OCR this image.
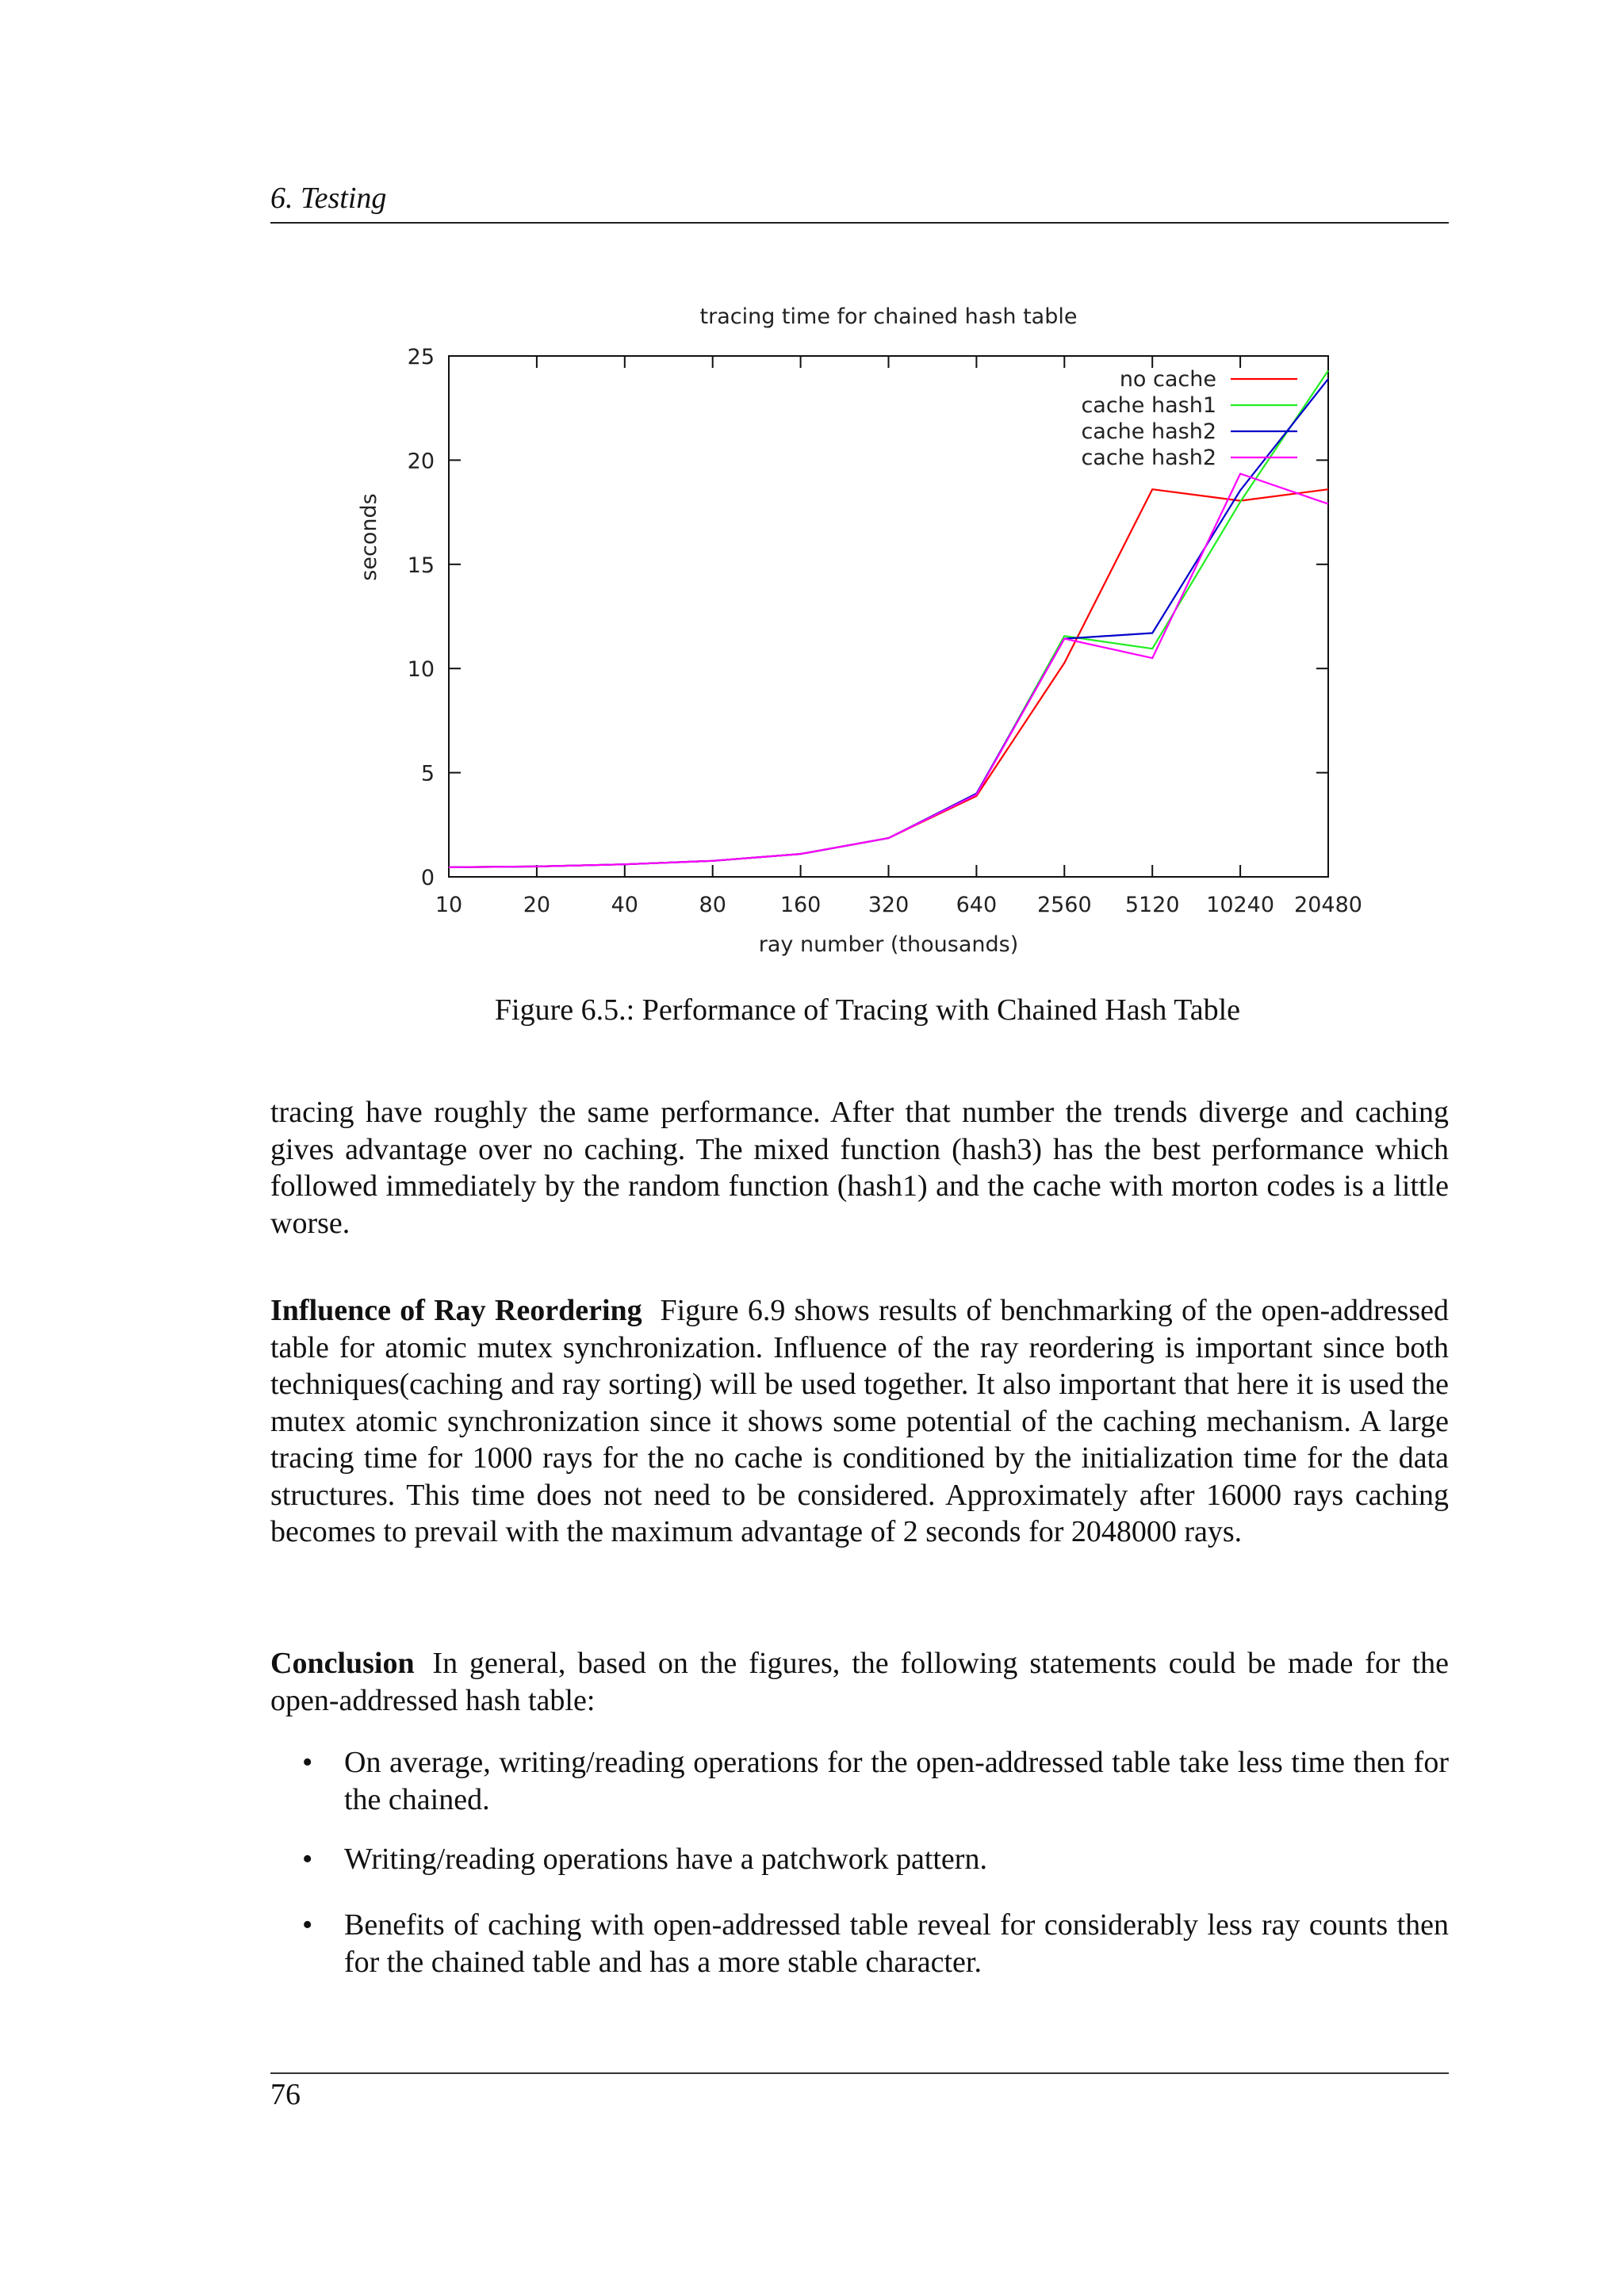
6. Testing
tracing time for chained hash table
0
5
10
15
20
25
10	20	40	80	160 320 640 2560 5120 10240 20480
ray number (thousands)
seconds
no cache
cache hash1
cache hash2
cache hash2
Figure 6.5.: Performance of Tracing with Chained Hash Table

tracing have roughly the same performance. After that number the trends diverge and caching gives advantage over no caching. The mixed function (hash3) has the best performance which followed immediately by the random function (hash1) and the cache with morton codes is a little worse.

Influence of Ray Reordering Figure 6.9 shows results of benchmarking of the open-addressed table for atomic mutex synchronization. Influence of the ray reordering is important since both techniques(caching and ray sorting) will be used together. It also important that here it is used the mutex atomic synchronization since it shows some potential of the caching mechanism. A large tracing time for 1000 rays for the no cache is conditioned by the initialization time for the data structures. This time does not need to be considered. Approximately after 16000 rays caching becomes to prevail with the maximum advantage of 2 seconds for 2048000 rays.

Conclusion In general, based on the figures, the following statements could be made for the open-addressed hash table:

• On average, writing/reading operations for the open-addressed table take less time then for the chained.
• Writing/reading operations have a patchwork pattern.
• Benefits of caching with open-addressed table reveal for considerably less ray counts then for the chained table and has a more stable character.
76
